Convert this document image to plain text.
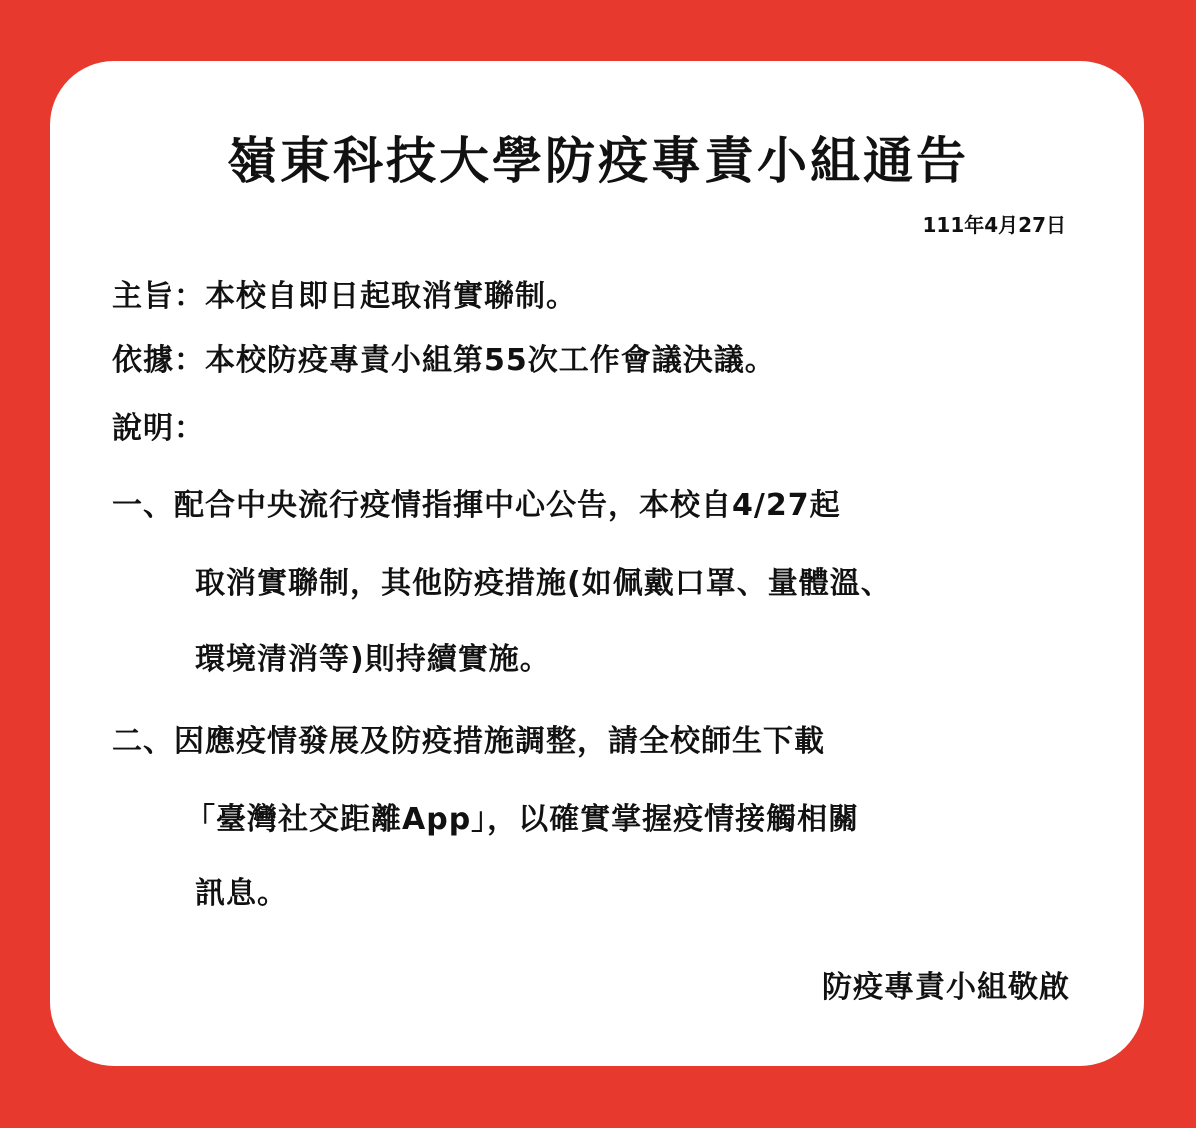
嶺東科技大學防疫專責小組通告
111年4月27日
主旨：本校自即日起取消實聯制。
依據：本校防疫專責小組第55次工作會議決議。
說明：
一、配合中央流行疫情指揮中心公告，本校自4/27起
取消實聯制，其他防疫措施(如佩戴口罩、量體溫、
環境清消等)則持續實施。
二、因應疫情發展及防疫措施調整，請全校師生下載
「臺灣社交距離App」，以確實掌握疫情接觸相關
訊息。
防疫專責小組敬啟
